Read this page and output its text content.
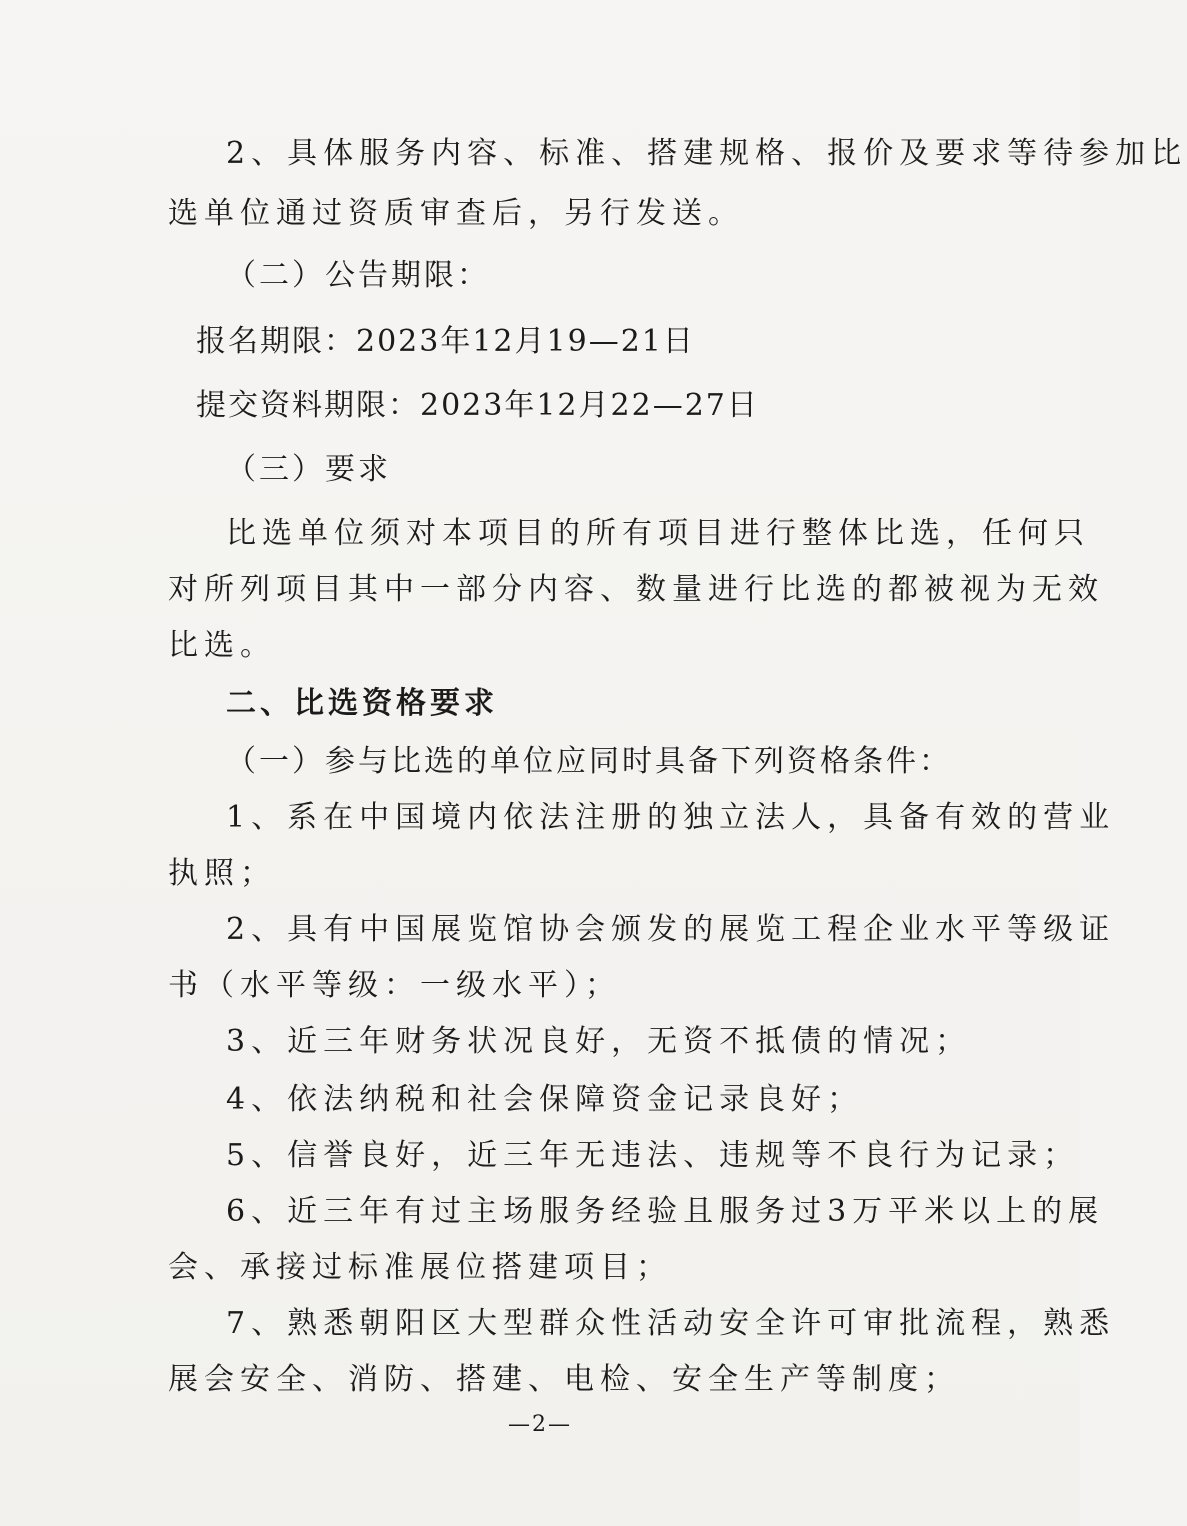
2、具体服务内容、标准、搭建规格、报价及要求等待参加比
选单位通过资质审查后，另行发送。
（二）公告期限：
报名期限：2023年12月19—21日
提交资料期限：2023年12月22—27日
（三）要求
比选单位须对本项目的所有项目进行整体比选，任何只
对所列项目其中一部分内容、数量进行比选的都被视为无效
比选。
二、比选资格要求
（一）参与比选的单位应同时具备下列资格条件：
1、系在中国境内依法注册的独立法人，具备有效的营业
执照；
2、具有中国展览馆协会颁发的展览工程企业水平等级证
书（水平等级：一级水平）；
3、近三年财务状况良好，无资不抵债的情况；
4、依法纳税和社会保障资金记录良好；
5、信誉良好，近三年无违法、违规等不良行为记录；
6、近三年有过主场服务经验且服务过3万平米以上的展
会、承接过标准展位搭建项目；
7、熟悉朝阳区大型群众性活动安全许可审批流程，熟悉
展会安全、消防、搭建、电检、安全生产等制度；
—2—
